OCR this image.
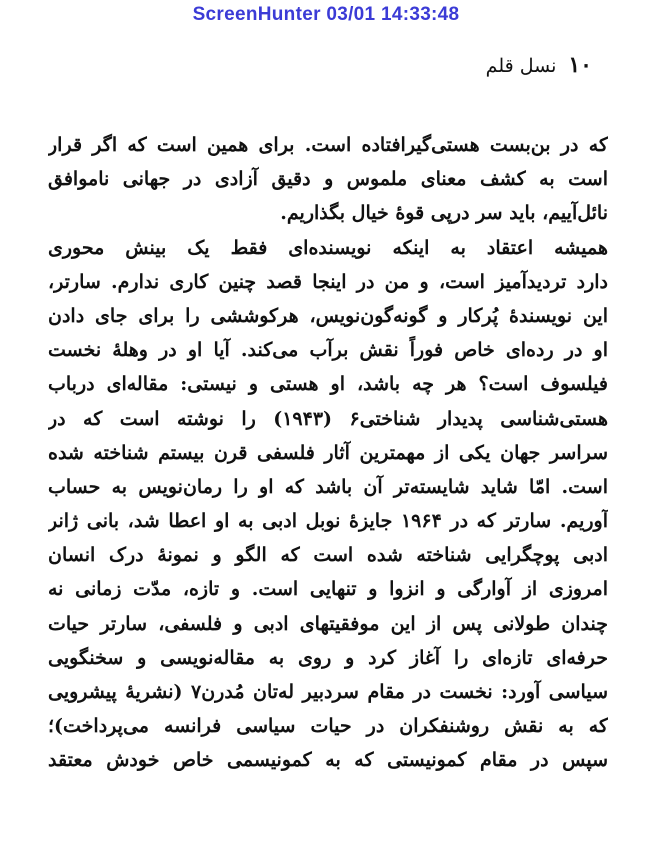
ScreenHunter 03/01 14:33:48
۱۰
نسل قلم
که در بن‌بست هستی‌گیرافتاده است. برای همین است که اگر قرار
است به کشف معنای ملموس و دقیق آزادی در جهانی ناموافق
نائل‌آییم، باید سر درپی قوهٔ خیال بگذاریم.
همیشه اعتقاد به اینکه نویسنده‌ای فقط یک بینش محوری
دارد تردیدآمیز است، و من در اینجا قصد چنین کاری ندارم. سارتر،
این نویسندهٔ پُرکار و گونه‌گون‌نویس، هرکوششی را برای جای دادن
او در رده‌ای خاص فوراً نقش برآب می‌کند. آیا او در وهلهٔ نخست
فیلسوف است؟ هر چه باشد، او هستی و نیستی: مقاله‌ای درباب
هستی‌شناسی پدیدار شناختی۶ (۱۹۴۳) را نوشته است که در
سراسر جهان یکی از مهمترین آثار فلسفی قرن بیستم شناخته شده
است. امّا شاید شایسته‌تر آن باشد که او را رمان‌نویس به حساب
آوریم. سارتر که در ۱۹۶۴ جایزهٔ نوبل ادبی به او اعطا شد، بانی ژانر
ادبی پوچگرایی شناخته شده است که الگو و نمونهٔ درک انسان
امروزی از آوارگی و انزوا و تنهایی است. و تازه، مدّت زمانی نه
چندان طولانی پس از این موفقیتهای ادبی و فلسفی، سارتر حیات
حرفه‌ای تازه‌ای را آغاز کرد و روی به مقاله‌نویسی و سخنگویی
سیاسی آورد: نخست در مقام سردبیر له‌تان مُدرن۷ (نشریهٔ پیشرویی
که به نقش روشنفکران در حیات سیاسی فرانسه می‌پرداخت)؛
سپس در مقام کمونیستی که به کمونیسمی خاص خودش معتقد
